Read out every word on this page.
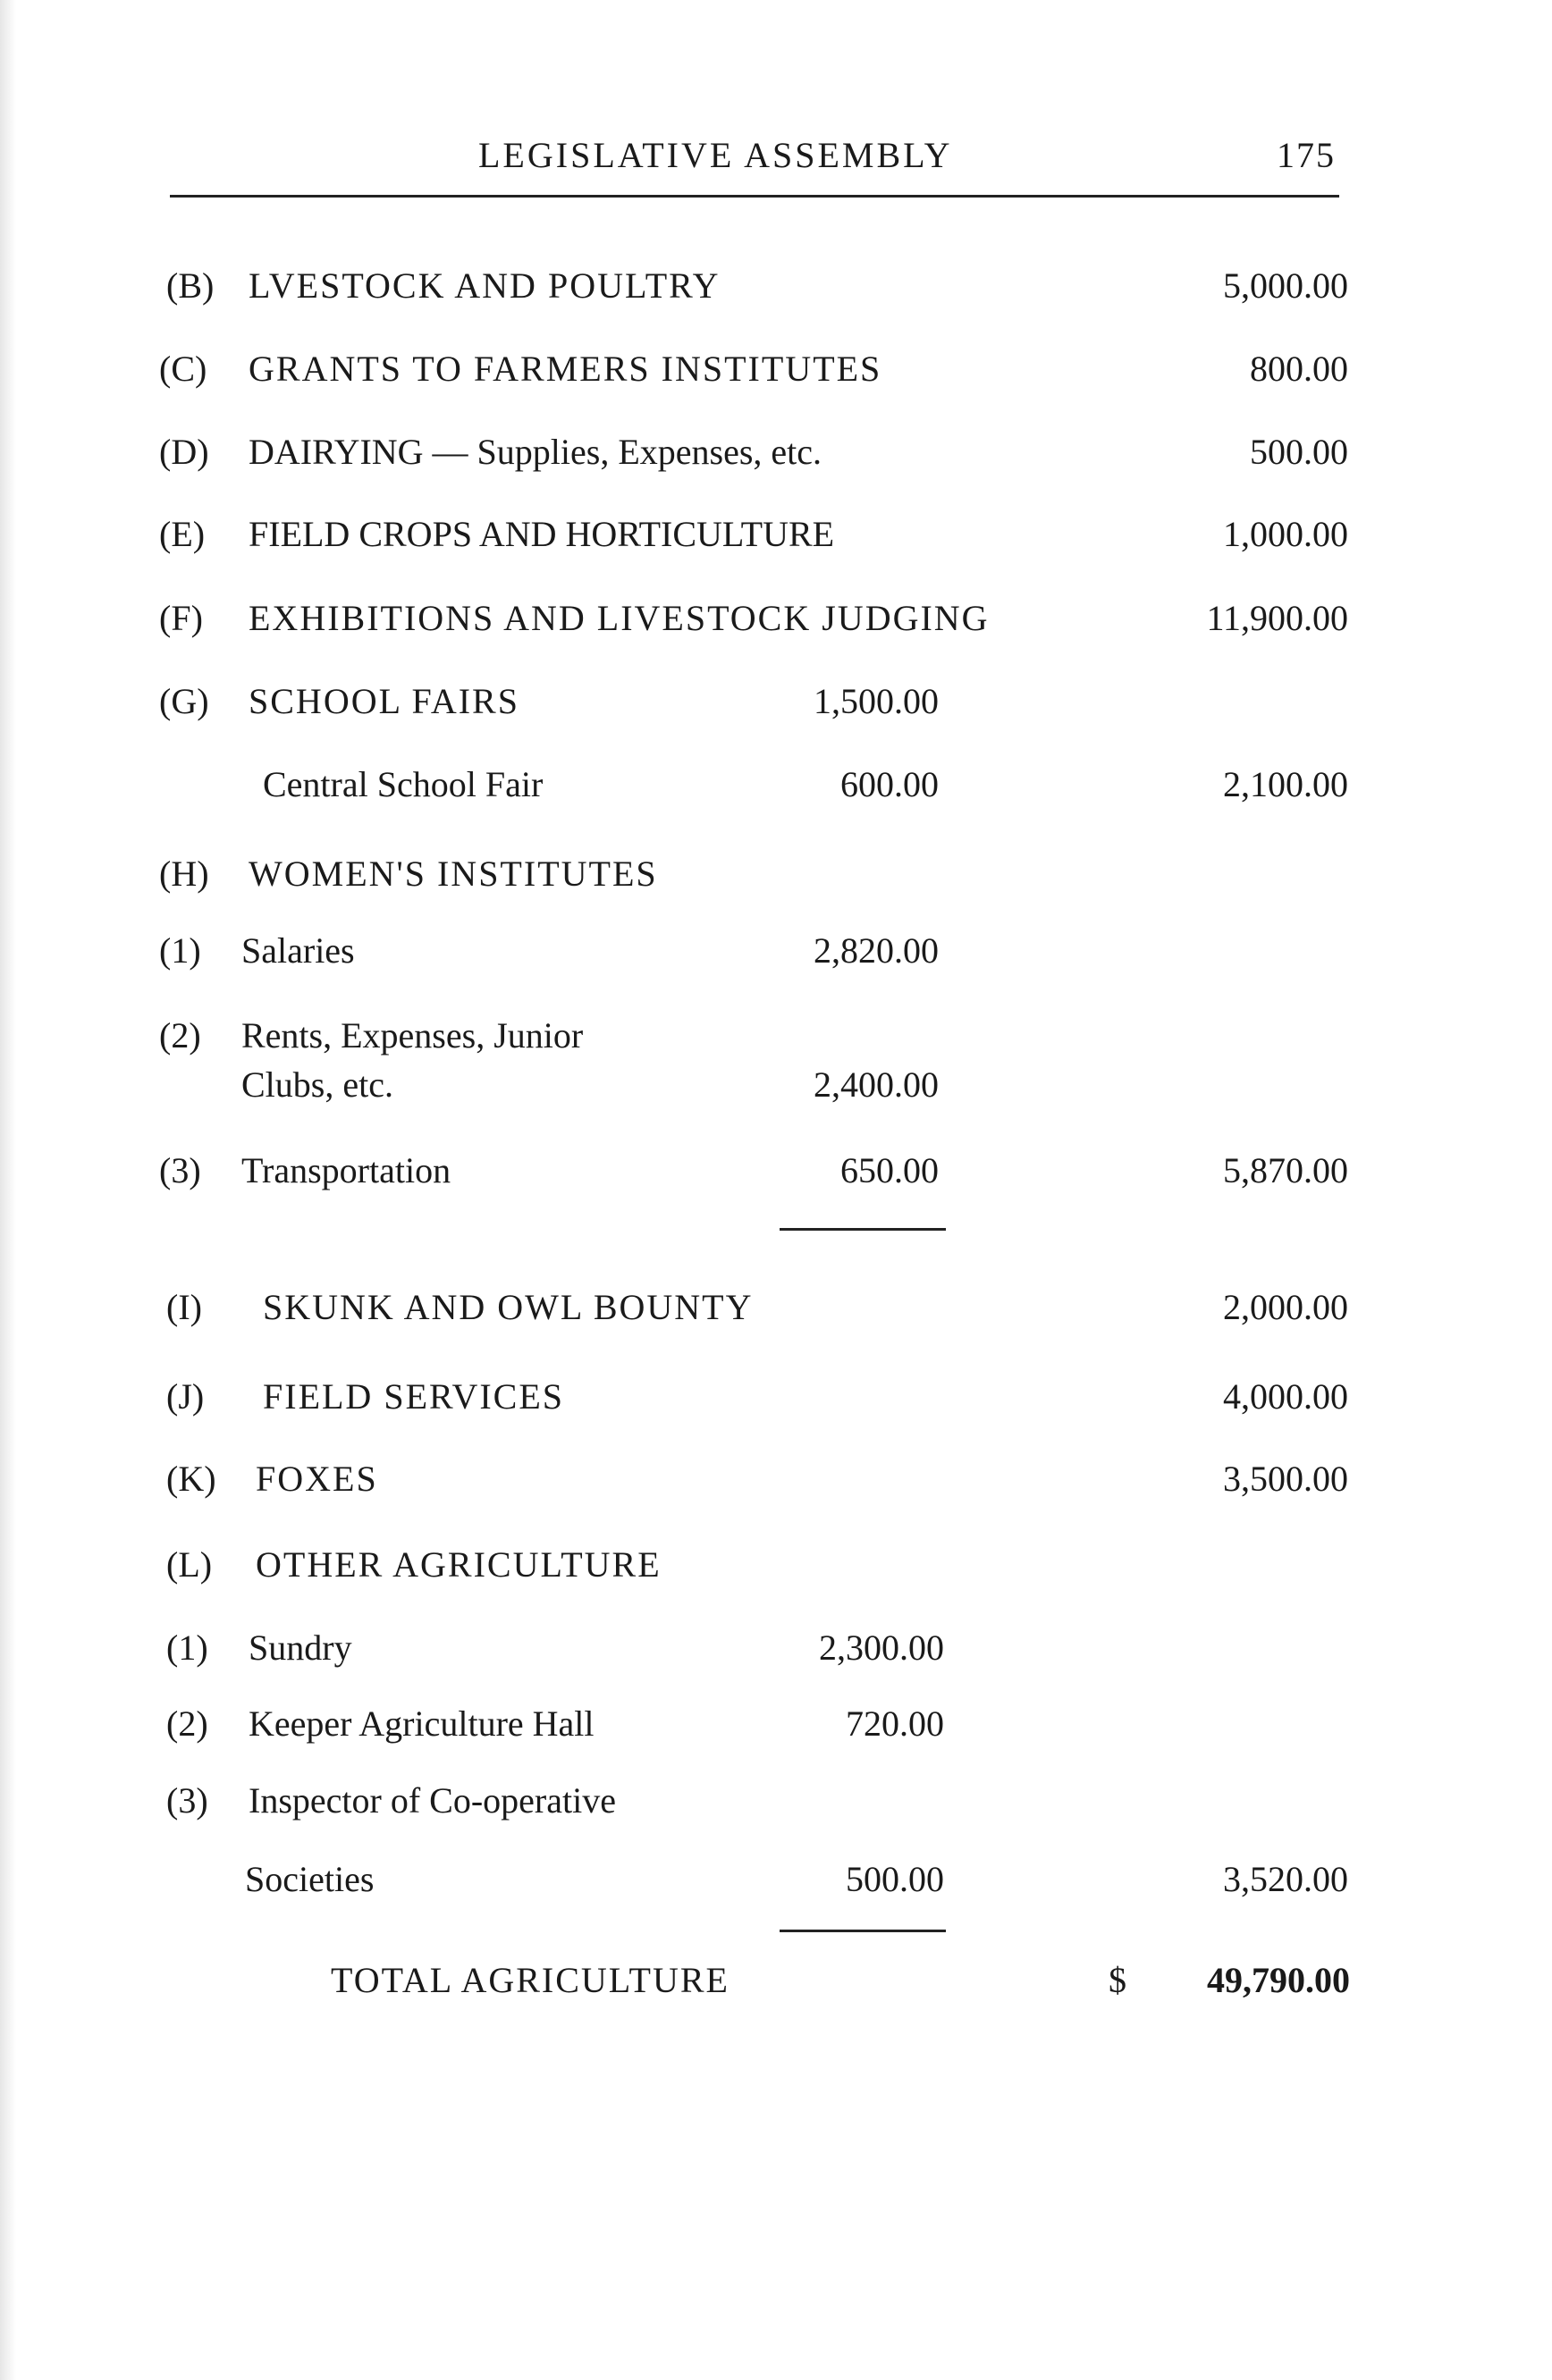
LEGISLATIVE ASSEMBLY	175
(B) LVESTOCK AND POULTRY	5,000.00
(C) GRANTS TO FARMERS INSTITUTES	800.00
(D) DAIRYING — Supplies, Expenses, etc.	500.00
(E) FIELD CROPS AND HORTICULTURE	1,000.00
(F) EXHIBITIONS AND LIVESTOCK JUDGING	11,900.00
(G) SCHOOL FAIRS	1,500.00
Central School Fair	600.00	2,100.00
(H) WOMEN'S INSTITUTES
(1) Salaries	2,820.00
(2) Rents, Expenses, Junior
Clubs, etc.	2,400.00
(3) Transportation	650.00	5,870.00
(I) SKUNK AND OWL BOUNTY	2,000.00
(J) FIELD SERVICES	4,000.00
(K) FOXES	3,500.00
(L) OTHER AGRICULTURE
(1) Sundry	2,300.00
(2) Keeper Agriculture Hall	720.00
(3) Inspector of Co-operative
Societies	500.00	3,520.00
TOTAL AGRICULTURE	$	49,790.00
